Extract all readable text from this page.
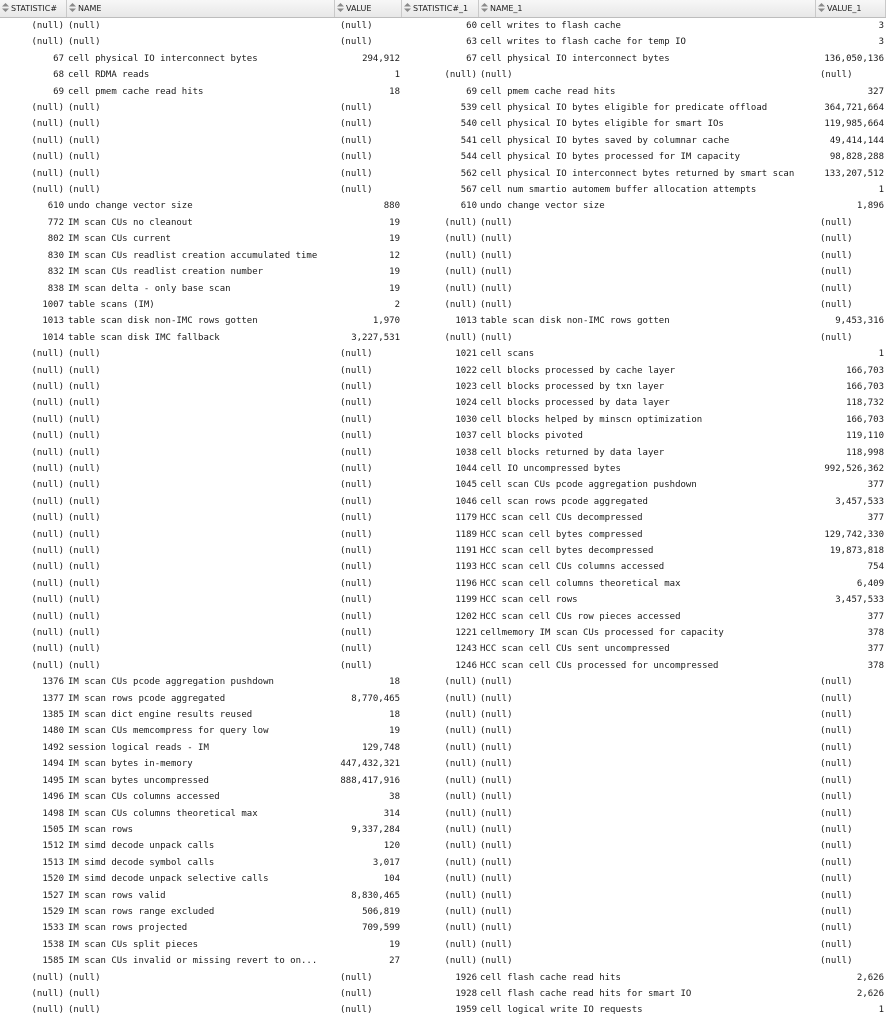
STATISTIC#	NAME	VALUE	STATISTIC#_1	NAME_1	VALUE_1
(null) (null)	(null)	60 cell writes to flash cache	3
(null) (null)	(null)	63 cell writes to flash cache for temp IO	3
67 cell physical IO interconnect bytes	294,912	67 cell physical IO interconnect bytes	136,050,136
68 cell RDMA reads	1	(null) (null)	(null)
69 cell pmem cache read hits	18	69 cell pmem cache read hits	327
(null) (null)	(null)	539 cell physical IO bytes eligible for predicate offload	364,721,664
(null) (null)	(null)	540 cell physical IO bytes eligible for smart IOs	119,985,664
(null) (null)	(null)	541 cell physical IO bytes saved by columnar cache	49,414,144
(null) (null)	(null)	544 cell physical IO bytes processed for IM capacity	98,828,288
(null) (null)	(null)	562 cell physical IO interconnect bytes returned by smart scan	133,207,512
(null) (null)	(null)	567 cell num smartio automem buffer allocation attempts	1
610 undo change vector size	880	610 undo change vector size	1,896
772 IM scan CUs no cleanout	19	(null) (null)	(null)
802 IM scan CUs current	19	(null) (null)	(null)
830 IM scan CUs readlist creation accumulated time	12	(null) (null)	(null)
832 IM scan CUs readlist creation number	19	(null) (null)	(null)
838 IM scan delta - only base scan	19	(null) (null)	(null)
1007 table scans (IM)	2	(null) (null)	(null)
1013 table scan disk non-IMC rows gotten	1,970	1013 table scan disk non-IMC rows gotten	9,453,316
1014 table scan disk IMC fallback	3,227,531	(null) (null)	(null)
(null) (null)	(null)	1021 cell scans	1
(null) (null)	(null)	1022 cell blocks processed by cache layer	166,703
(null) (null)	(null)	1023 cell blocks processed by txn layer	166,703
(null) (null)	(null)	1024 cell blocks processed by data layer	118,732
(null) (null)	(null)	1030 cell blocks helped by minscn optimization	166,703
(null) (null)	(null)	1037 cell blocks pivoted	119,110
(null) (null)	(null)	1038 cell blocks returned by data layer	118,998
(null) (null)	(null)	1044 cell IO uncompressed bytes	992,526,362
(null) (null)	(null)	1045 cell scan CUs pcode aggregation pushdown	377
(null) (null)	(null)	1046 cell scan rows pcode aggregated	3,457,533
(null) (null)	(null)	1179 HCC scan cell CUs decompressed	377
(null) (null)	(null)	1189 HCC scan cell bytes compressed	129,742,330
(null) (null)	(null)	1191 HCC scan cell bytes decompressed	19,873,818
(null) (null)	(null)	1193 HCC scan cell CUs columns accessed	754
(null) (null)	(null)	1196 HCC scan cell columns theoretical max	6,409
(null) (null)	(null)	1199 HCC scan cell rows	3,457,533
(null) (null)	(null)	1202 HCC scan cell CUs row pieces accessed	377
(null) (null)	(null)	1221 cellmemory IM scan CUs processed for capacity	378
(null) (null)	(null)	1243 HCC scan cell CUs sent uncompressed	377
(null) (null)	(null)	1246 HCC scan cell CUs processed for uncompressed	378
1376 IM scan CUs pcode aggregation pushdown	18	(null) (null)	(null)
1377 IM scan rows pcode aggregated	8,770,465	(null) (null)	(null)
1385 IM scan dict engine results reused	18	(null) (null)	(null)
1480 IM scan CUs memcompress for query low	19	(null) (null)	(null)
1492 session logical reads - IM	129,748	(null) (null)	(null)
1494 IM scan bytes in-memory	447,432,321	(null) (null)	(null)
1495 IM scan bytes uncompressed	888,417,916	(null) (null)	(null)
1496 IM scan CUs columns accessed	38	(null) (null)	(null)
1498 IM scan CUs columns theoretical max	314	(null) (null)	(null)
1505 IM scan rows	9,337,284	(null) (null)	(null)
1512 IM simd decode unpack calls	120	(null) (null)	(null)
1513 IM simd decode symbol calls	3,017	(null) (null)	(null)
1520 IM simd decode unpack selective calls	104	(null) (null)	(null)
1527 IM scan rows valid	8,830,465	(null) (null)	(null)
1529 IM scan rows range excluded	506,819	(null) (null)	(null)
1533 IM scan rows projected	709,599	(null) (null)	(null)
1538 IM scan CUs split pieces	19	(null) (null)	(null)
1585 IM scan CUs invalid or missing revert to on...	27	(null) (null)	(null)
(null) (null)	(null)	1926 cell flash cache read hits	2,626
(null) (null)	(null)	1928 cell flash cache read hits for smart IO	2,626
(null) (null)	(null)	1959 cell logical write IO requests	1
